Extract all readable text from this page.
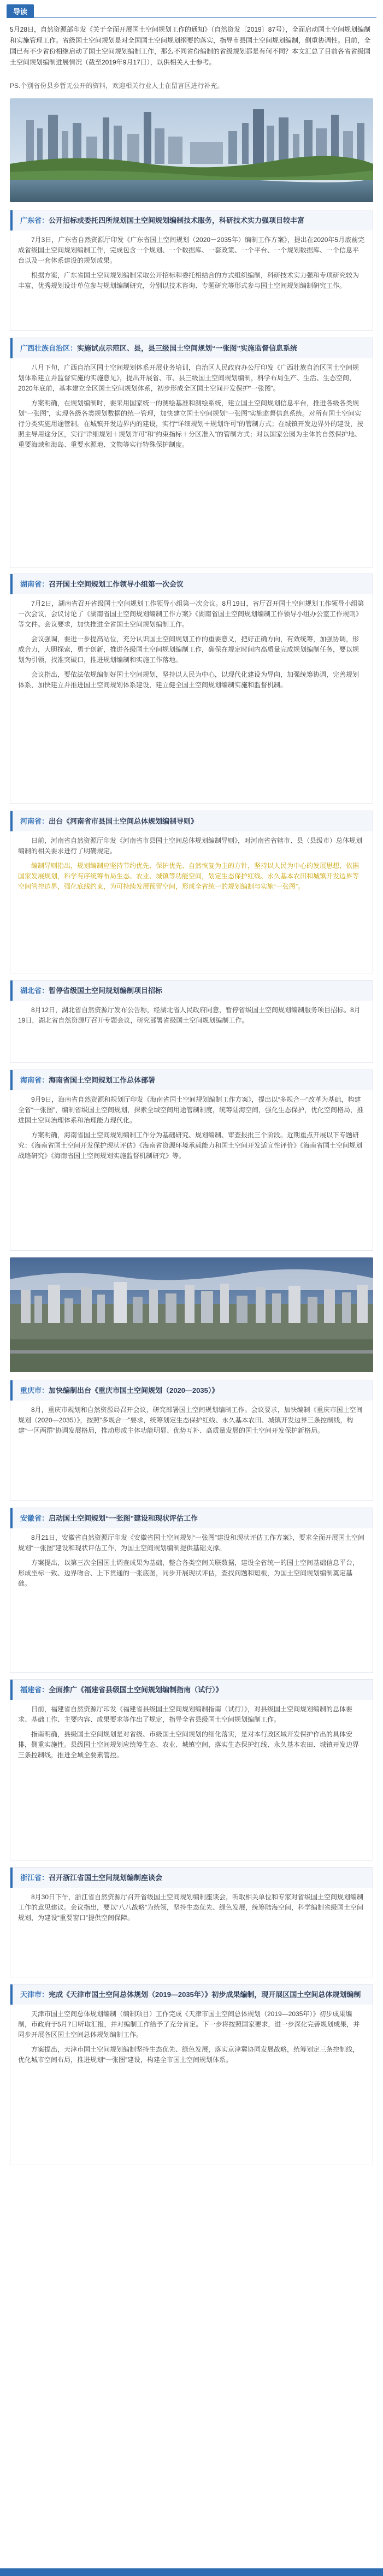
导读
5月28日，自然资源部印发《关于全面开展国土空间规划工作的通知》（自然资发〔2019〕87号），全面启动国土空间规划编制和实施管理工作。省级国土空间规划是对全国国土空间规划纲要的落实，指导市县国土空间规划编制，侧重协调性。目前，全国已有不少省份相继启动了国土空间规划编制工作，那么不同省份编制的省级规划都是有何不同？本文汇总了目前各省省级国土空间规划编制进展情况（截至2019年9月17日），以供相关人士参考。
PS.个别省份县乡暂无公开的资料，欢迎相关行业人士在留言区进行补充。
广东省：公开招标或委托四所规划国土空间规划编制技术服务，科研技术实力强项目较丰富

7月3日，广东省自然资源厅印发《广东省国土空间规划（2020－2035年）编制工作方案》，提出在2020年5月底前完成省级国土空间规划编制工作，完成包含一个规划、一个数据库、一套政策、一个平台、一个规划数据库、一个信息平台以及一套体系建设的规划成果。

根据方案，广东省国土空间规划编制采取公开招标和委托相结合的方式组织编制，科研技术实力强和专项研究较为丰富，优秀规划设计单位参与规划编制研究，分别以技术咨询、专题研究等形式参与国土空间规划编制研究工作。

广西壮族自治区：实施试点示范区、县，县三级国土空间规划“一张图”实施监督信息系统

八月下旬，广西自治区国土空间规划体系开展业务培训，自治区人民政府办公厅印发《广西壮族自治区国土空间规划体系建立并监督实施的实施意见》，提出开展省、市、县三级国土空间规划编制，科学布局生产、生活、生态空间，2020年底前，基本建立全区国土空间规划体系，初步形成全区国土空间开发保护“一张图”。

方案明确，在规划编制时，要采用国家统一的测绘基准和测绘系统，建立国土空间规划信息平台，推进各级各类规划“一张图”，实现各级各类规划数据的统一管理，加快建立国土空间规划“一张图”实施监督信息系统。对所有国土空间实行分类实施用途管制。在城镇开发边界内的建设，实行“详细规划＋规划许可”的管制方式；在城镇开发边界外的建设，按照主导用途分区，实行“详细规划＋规划许可”和“约束指标＋分区准入”的管制方式；对以国家公园为主体的自然保护地、重要海域和海岛、重要水源地、文物等实行特殊保护制度。

湖南省：召开国土空间规划工作领导小组第一次会议

7月2日，湖南省召开省级国土空间规划工作领导小组第一次会议。8月19日，省厅召开国土空间规划工作领导小组第一次会议，会议讨论了《湖南省国土空间规划编制工作方案》《湖南省国土空间规划编制工作领导小组办公室工作规则》等文件。会议要求，加快推进全省国土空间规划编制工作。

会议强调，要进一步提高站位，充分认识国土空间规划工作的重要意义，把好正确方向，有效统筹，加强协调，形成合力，大胆探索，勇于创新，推进各级国土空间规划编制工作，确保在规定时间内高质量完成规划编制任务，要以规划为引领，找准突破口，推进规划编制和实施工作落地。

会议指出，要依法依规编制好国土空间规划，坚持以人民为中心，以现代化建设为导向，加强统筹协调，完善规划体系，加快建立并推进国土空间规划体系建设，建立健全国土空间规划编制实施和监督机制。

河南省：出台《河南省市县国土空间总体规划编制导则》

日前，河南省自然资源厅印发《河南省市县国土空间总体规划编制导则》，对河南省省辖市、县（县级市）总体规划编制的相关要求进行了明确规定。

编制导则指出，规划编制应坚持节约优先、保护优先、自然恢复为主的方针，坚持以人民为中心的发展思想，依据国家发展规划，科学有序统筹布局生态、农业、城镇等功能空间，划定生态保护红线、永久基本农田和城镇开发边界等空间管控边界，强化底线约束，为可持续发展预留空间，形成全省统一的规划编制与实施“一张图”。

湖北省：暂停省级国土空间规划编制项目招标

8月12日，湖北省自然资源厅发布公告称，经湖北省人民政府同意，暂停省级国土空间规划编制服务项目招标。8月19日，湖北省自然资源厅召开专题会议，研究部署省级国土空间规划编制工作。

海南省：海南省国土空间规划工作总体部署

9月9日，海南省自然资源和规划厅印发《海南省国土空间规划编制工作方案》，提出以“多规合一”改革为基础，构建全省“一张图”，编制省级国土空间规划，探索全域空间用途管制制度，统筹陆海空间，强化生态保护，优化空间格局，推进国土空间治理体系和治理能力现代化。

方案明确，海南省国土空间规划编制工作分为基础研究、规划编制、审查报批三个阶段。近期重点开展以下专题研究：《海南省国土空间开发保护现状评估》《海南省资源环境承载能力和国土空间开发适宜性评价》《海南省国土空间规划战略研究》《海南省国土空间规划实施监督机制研究》等。

重庆市：加快编制出台《重庆市国土空间规划（2020—2035）》

8月，重庆市规划和自然资源局召开会议，研究部署国土空间规划编制工作。会议要求，加快编制《重庆市国土空间规划（2020—2035）》，按照“多规合一”要求，统筹划定生态保护红线、永久基本农田、城镇开发边界三条控制线，构建“一区两群”协调发展格局，推动形成主体功能明显、优势互补、高质量发展的国土空间开发保护新格局。

安徽省：启动国土空间规划“一张图”建设和现状评估工作

8月21日，安徽省自然资源厅印发《安徽省国土空间规划“一张图”建设和现状评估工作方案》，要求全面开展国土空间规划“一张图”建设和现状评估工作，为国土空间规划编制提供基础支撑。

方案提出，以第三次全国国土调查成果为基础，整合各类空间关联数据，建设全省统一的国土空间基础信息平台，形成坐标一致、边界吻合、上下贯通的一张底图，同步开展现状评估，查找问题和短板，为国土空间规划编制奠定基础。

福建省：全面推广《福建省县级国土空间规划编制指南（试行）》

日前，福建省自然资源厅印发《福建省县级国土空间规划编制指南（试行）》，对县级国土空间规划编制的总体要求、基础工作、主要内容、成果要求等作出了规定，指导全省县级国土空间规划编制工作。

指南明确，县级国土空间规划是对省级、市级国土空间规划的细化落实，是对本行政区域开发保护作出的具体安排，侧重实施性。县级国土空间规划应统筹生态、农业、城镇空间，落实生态保护红线、永久基本农田、城镇开发边界三条控制线，推进全域全要素管控。

浙江省：召开浙江省国土空间规划编制座谈会

8月30日下午，浙江省自然资源厅召开省级国土空间规划编制座谈会，听取相关单位和专家对省级国土空间规划编制工作的意见建议。会议指出，要以“八八战略”为统领，坚持生态优先、绿色发展，统筹陆海空间，科学编制省级国土空间规划，为建设“重要窗口”提供空间保障。

天津市：完成《天津市国土空间总体规划（2019—2035年）》初步成果编制，现开展区国土空间总体规划编制

天津市国土空间总体规划编制（编制项目）工作完成《天津市国土空间总体规划（2019—2035年）》初步成果编制，市政府于5月7日听取汇报，并对编制工作给予了充分肯定。下一步将按照国家要求，进一步深化完善规划成果，并同步开展各区国土空间总体规划编制工作。

方案提出，天津市国土空间规划编制坚持生态优先、绿色发展，落实京津冀协同发展战略，统筹划定三条控制线，优化城市空间布局，推进规划“一张图”建设，构建全市国土空间规划体系。
